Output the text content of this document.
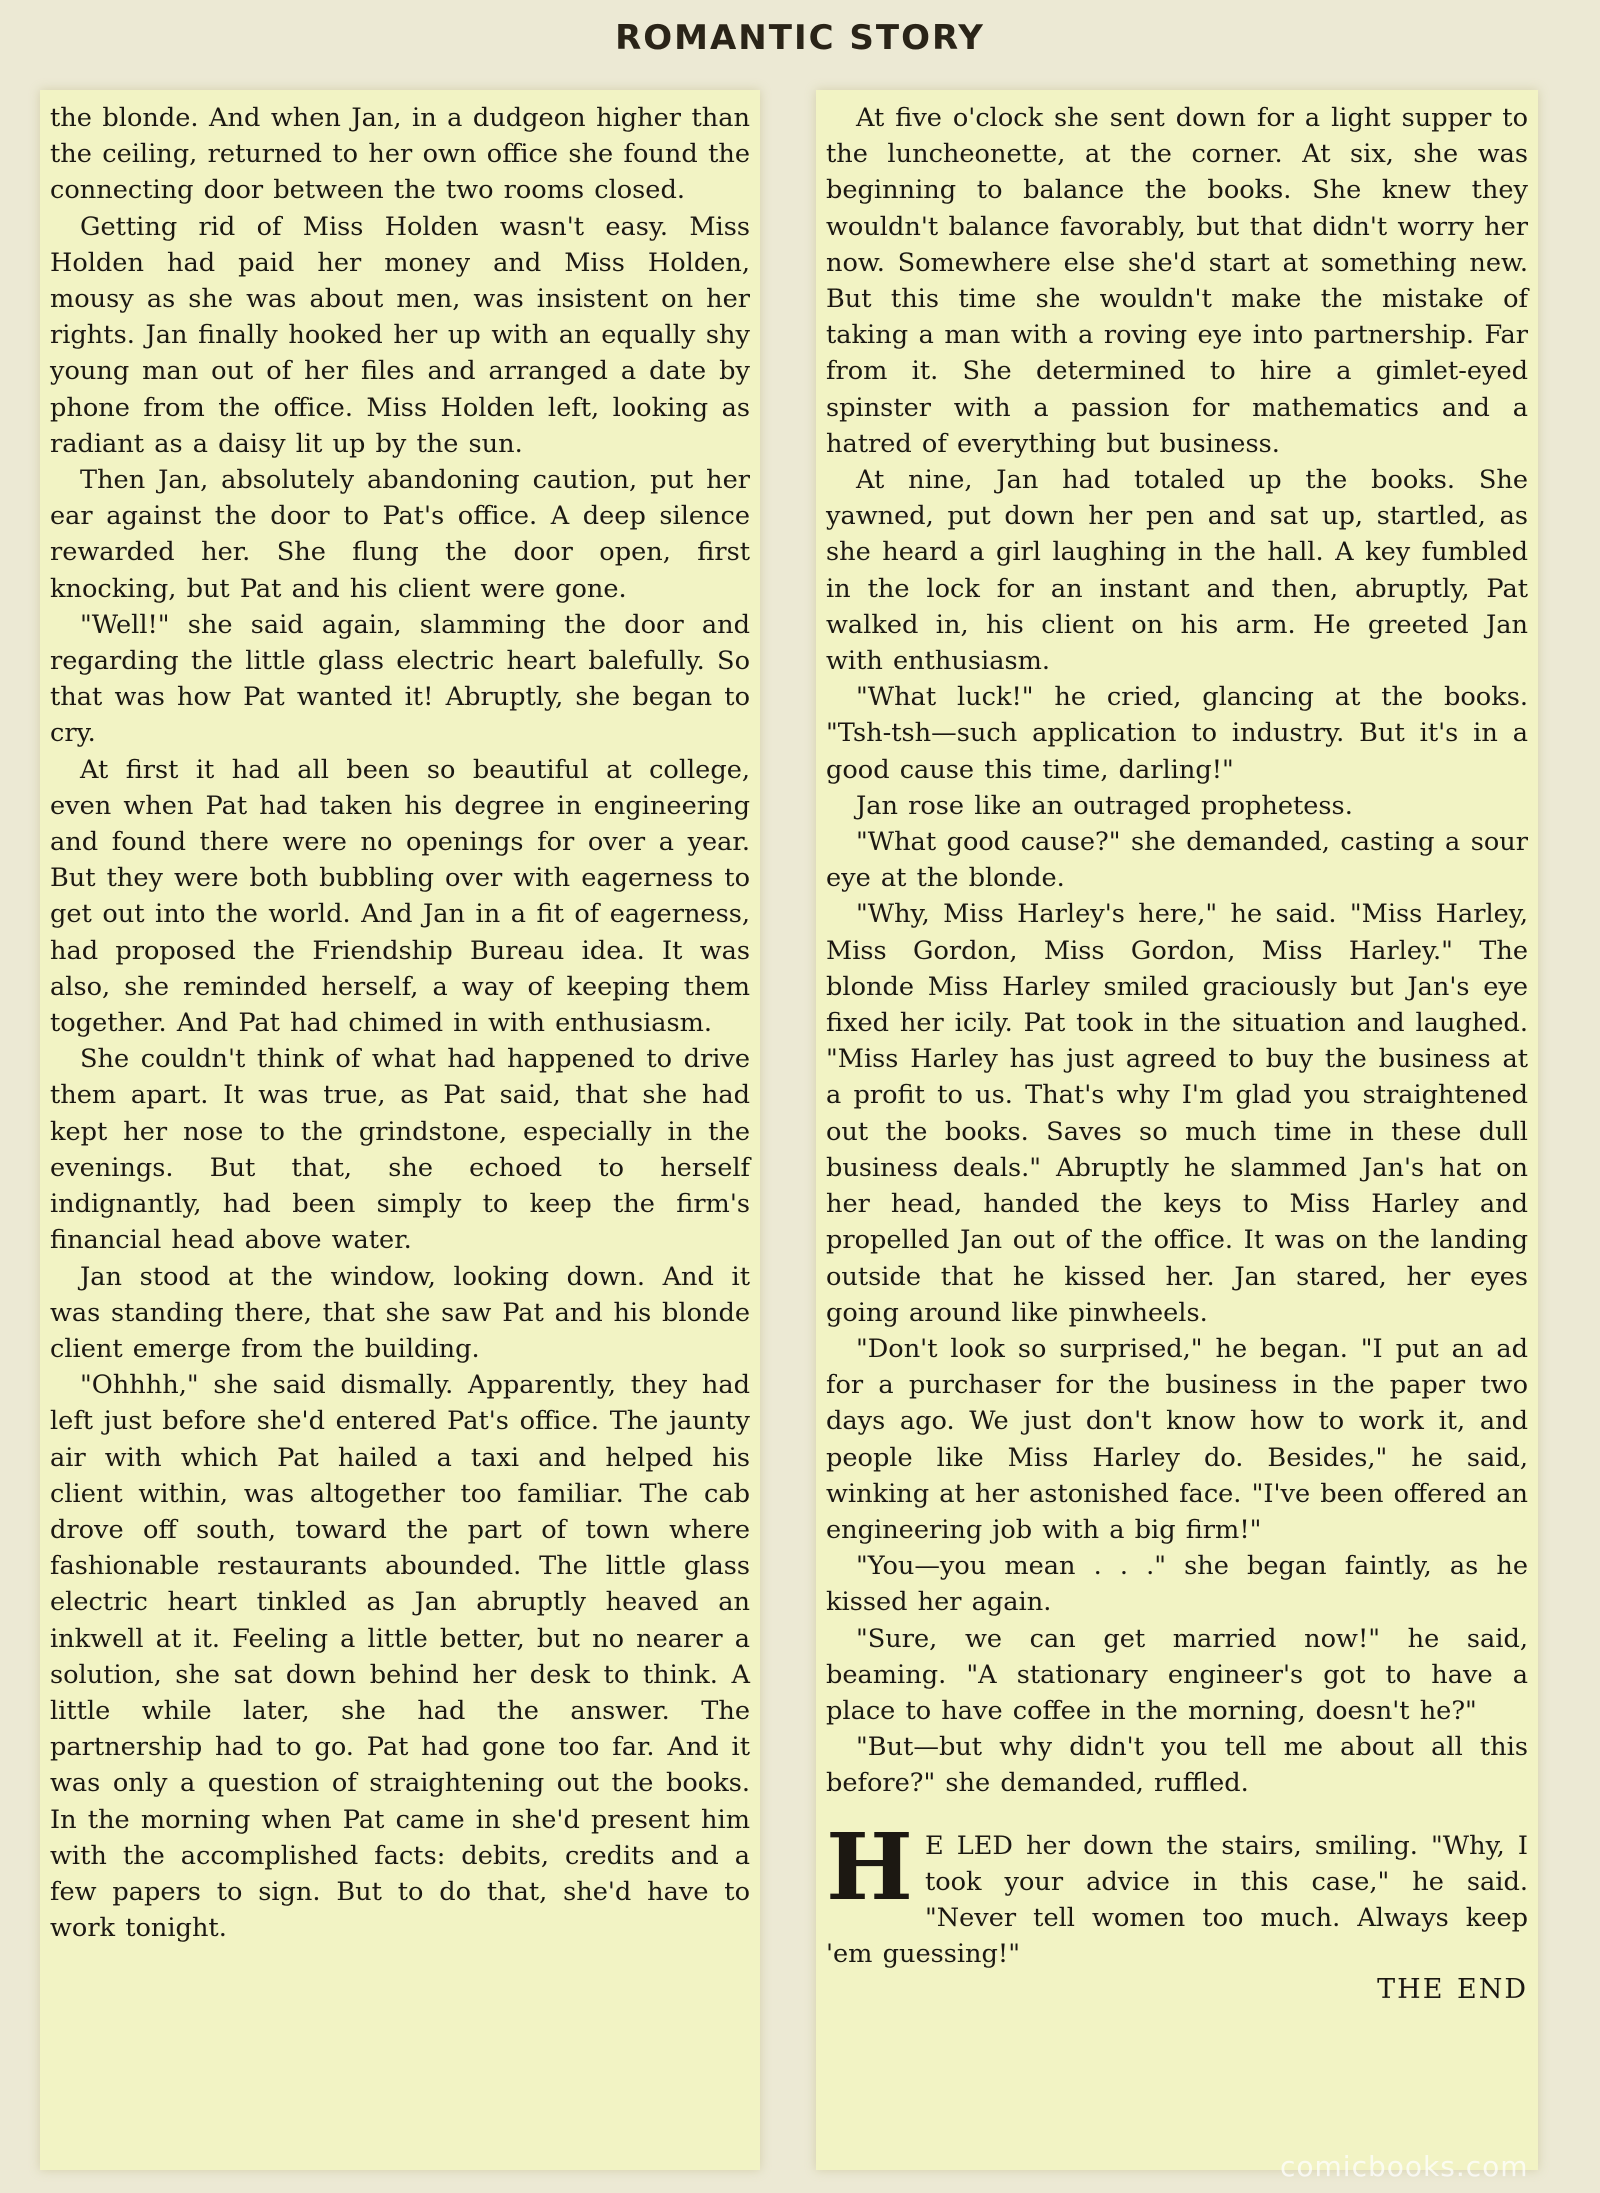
ROMANTIC STORY

the blonde. And when Jan, in a dudgeon higher than the ceiling, returned to her own office she found the connecting door between the two rooms closed.

Getting rid of Miss Holden wasn't easy. Miss Holden had paid her money and Miss Holden, mousy as she was about men, was insistent on her rights. Jan finally hooked her up with an equally shy young man out of her files and arranged a date by phone from the office. Miss Holden left, looking as radiant as a daisy lit up by the sun.

Then Jan, absolutely abandoning caution, put her ear against the door to Pat's office. A deep silence rewarded her. She flung the door open, first knocking, but Pat and his client were gone.

"Well!" she said again, slamming the door and regarding the little glass electric heart balefully. So that was how Pat wanted it! Abruptly, she began to cry.

At first it had all been so beautiful at college, even when Pat had taken his degree in engineering and found there were no openings for over a year. But they were both bubbling over with eagerness to get out into the world. And Jan in a fit of eagerness, had proposed the Friendship Bureau idea. It was also, she reminded herself, a way of keeping them together. And Pat had chimed in with enthusiasm.

She couldn't think of what had happened to drive them apart. It was true, as Pat said, that she had kept her nose to the grindstone, especially in the evenings. But that, she echoed to herself indignantly, had been simply to keep the firm's financial head above water.

Jan stood at the window, looking down. And it was standing there, that she saw Pat and his blonde client emerge from the building.

"Ohhhh," she said dismally. Apparently, they had left just before she'd entered Pat's office. The jaunty air with which Pat hailed a taxi and helped his client within, was altogether too familiar. The cab drove off south, toward the part of town where fashionable restaurants abounded. The little glass electric heart tinkled as Jan abruptly heaved an inkwell at it. Feeling a little better, but no nearer a solution, she sat down behind her desk to think. A little while later, she had the answer. The partnership had to go. Pat had gone too far. And it was only a question of straightening out the books. In the morning when Pat came in she'd present him with the accomplished facts: debits, credits and a few papers to sign. But to do that, she'd have to work tonight.

At five o'clock she sent down for a light supper to the luncheonette, at the corner. At six, she was beginning to balance the books. She knew they wouldn't balance favorably, but that didn't worry her now. Somewhere else she'd start at something new. But this time she wouldn't make the mistake of taking a man with a roving eye into partnership. Far from it. She determined to hire a gimlet-eyed spinster with a passion for mathematics and a hatred of everything but business.

At nine, Jan had totaled up the books. She yawned, put down her pen and sat up, startled, as she heard a girl laughing in the hall. A key fumbled in the lock for an instant and then, abruptly, Pat walked in, his client on his arm. He greeted Jan with enthusiasm.

"What luck!" he cried, glancing at the books. "Tsh-tsh—such application to industry. But it's in a good cause this time, darling!"

Jan rose like an outraged prophetess.

"What good cause?" she demanded, casting a sour eye at the blonde.

"Why, Miss Harley's here," he said. "Miss Harley, Miss Gordon, Miss Gordon, Miss Harley." The blonde Miss Harley smiled graciously but Jan's eye fixed her icily. Pat took in the situation and laughed. "Miss Harley has just agreed to buy the business at a profit to us. That's why I'm glad you straightened out the books. Saves so much time in these dull business deals." Abruptly he slammed Jan's hat on her head, handed the keys to Miss Harley and propelled Jan out of the office. It was on the landing outside that he kissed her. Jan stared, her eyes going around like pinwheels.

"Don't look so surprised," he began. "I put an ad for a purchaser for the business in the paper two days ago. We just don't know how to work it, and people like Miss Harley do. Besides," he said, winking at her astonished face. "I've been offered an engineering job with a big firm!"

"You—you mean . . ." she began faintly, as he kissed her again.

"Sure, we can get married now!" he said, beaming. "A stationary engineer's got to have a place to have coffee in the morning, doesn't he?"

"But—but why didn't you tell me about all this before?" she demanded, ruffled.

H E LED her down the stairs, smiling. "Why, I took your advice in this case," he said. "Never tell women too much. Always keep 'em guessing!"

THE END

comicbooks.com
